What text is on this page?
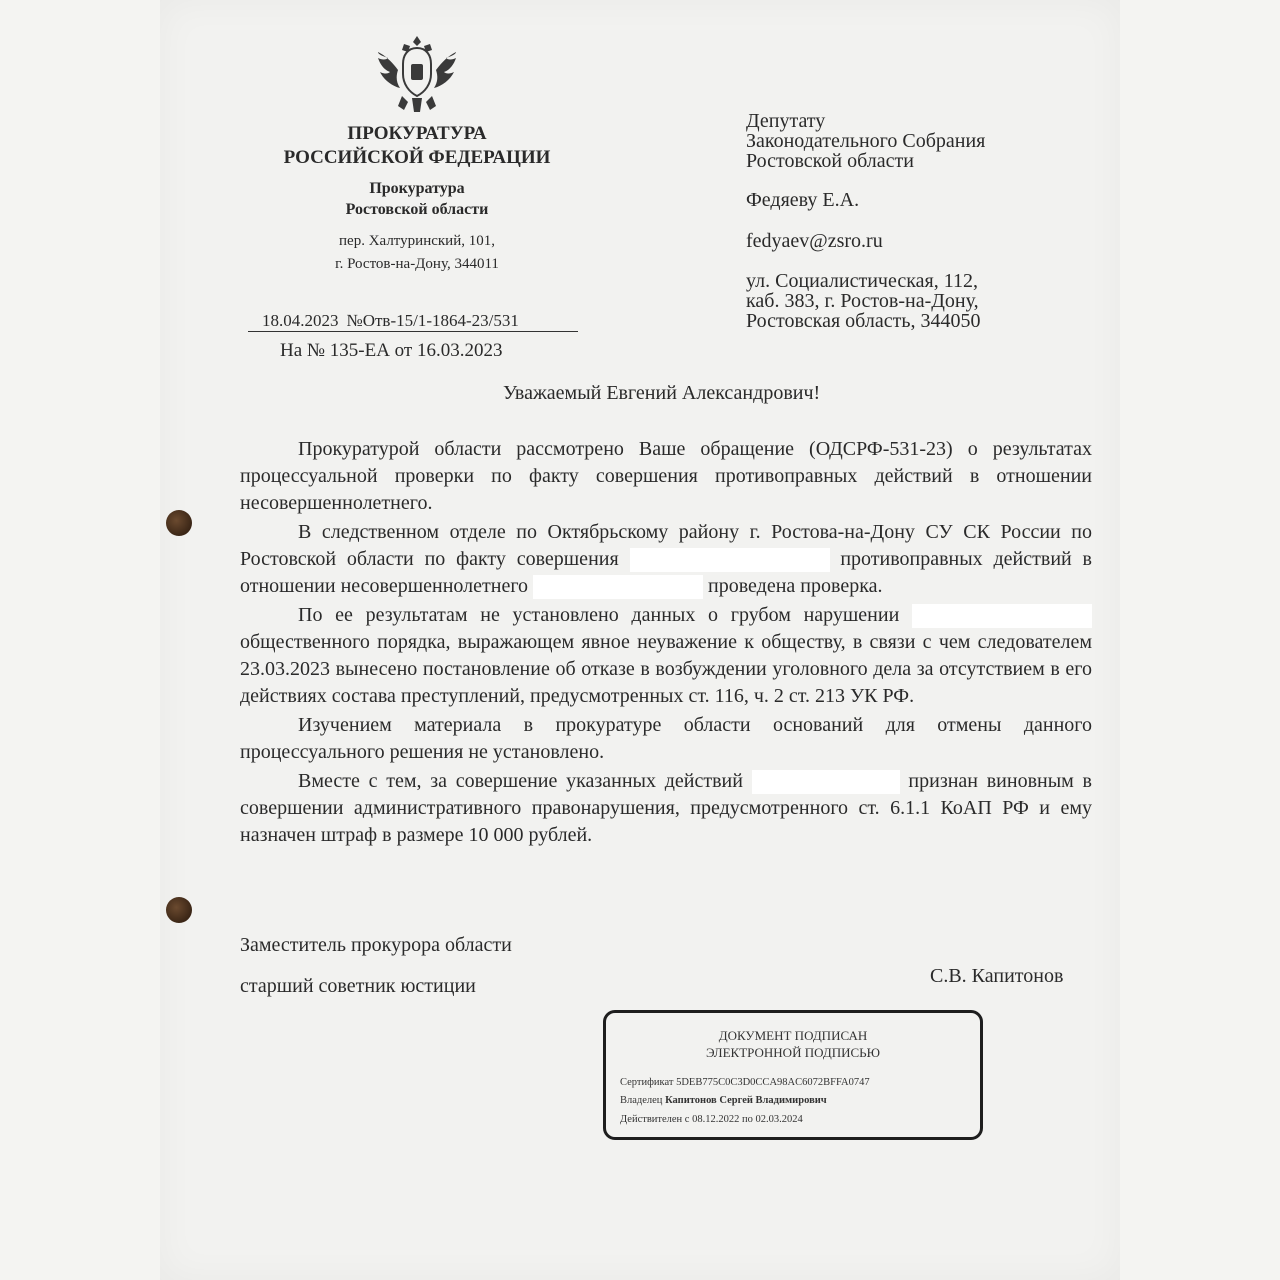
ПРОКУРАТУРА
РОССИЙСКОЙ ФЕДЕРАЦИИ
Прокуратура
Ростовской области
пер. Халтуринский, 101,
г. Ростов-на-Дону, 344011
18.04.2023 №Отв-15/1-1864-23/531
На № 135-ЕА от 16.03.2023
Депутату
Законодательного Собрания
Ростовской области
Федяеву Е.А.
fedyaev@zsro.ru
ул. Социалистическая, 112,
каб. 383, г. Ростов-на-Дону,
Ростовская область, 344050
Уважаемый Евгений Александрович!

Прокуратурой области рассмотрено Ваше обращение (ОДСРФ-531-23) о результатах процессуальной проверки по факту совершения противоправных действий в отношении несовершеннолетнего.

В следственном отделе по Октябрьскому району г. Ростова-на-Дону СУ СК России по Ростовской области по факту совершения	противоправных действий в отношении несовершеннолетнего	проведена проверка.

По ее результатам не установлено данных о грубом нарушении  общественного порядка, выражающем явное неуважение к обществу, в связи с чем следователем 23.03.2023 вынесено постановление об отказе в возбуждении уголовного дела за отсутствием в его действиях состава преступлений, предусмотренных ст. 116, ч. 2 ст. 213 УК РФ.

Изучением материала в прокуратуре области оснований для отмены данного процессуального решения не установлено.

Вместе с тем, за совершение указанных действий	признан виновным в совершении административного правонарушения, предусмотренного ст. 6.1.1 КоАП РФ и ему назначен штраф в размере 10 000 рублей.

Заместитель прокурора области
старший советник юстиции	С.В. Капитонов
ДОКУМЕНТ ПОДПИСАН
ЭЛЕКТРОННОЙ ПОДПИСЬЮ
Сертификат 5DEB775C0C3D0CCA98AC6072BFFA0747
Владелец Капитонов Сергей Владимирович
Действителен с 08.12.2022 по 02.03.2024
